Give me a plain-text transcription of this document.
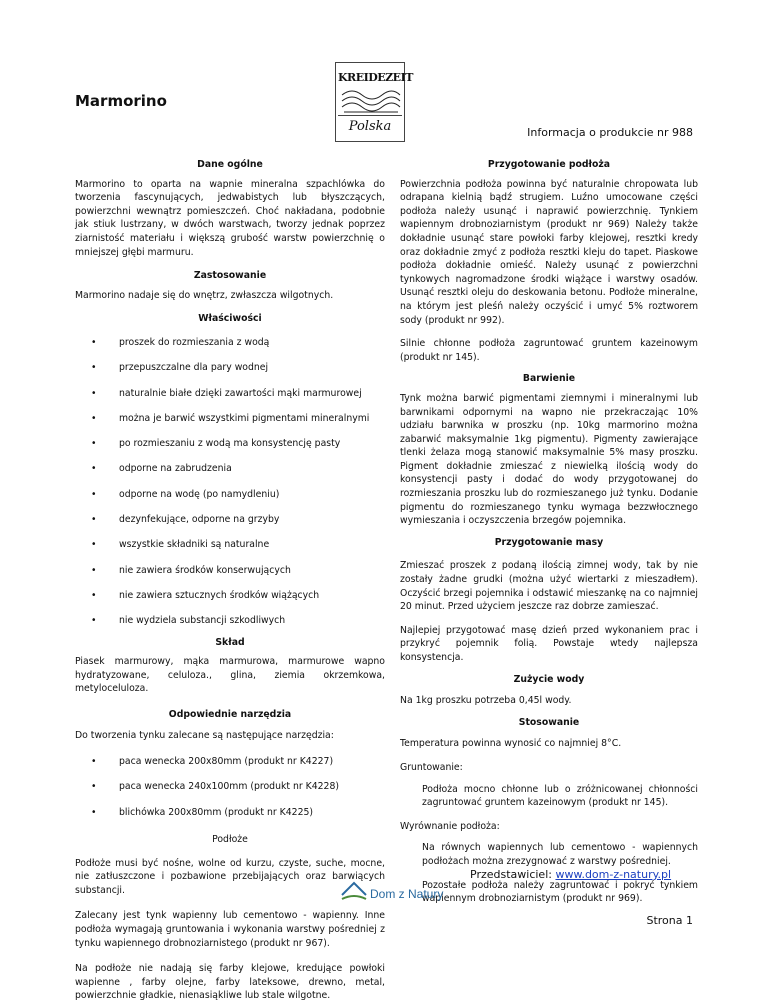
Marmorino
KREIDEZEIT
Polska	Informacja o produkcie nr 988
Dane ogólne

Marmorino to oparta na wapnie mineralna szpachlówka do tworzenia fascynujących, jedwabistych lub błyszczących, powierzchni wewnątrz pomieszczeń. Choć nakładana, podobnie jak stiuk lustrzany, w dwóch warstwach, tworzy jednak poprzez ziarnistość materiału i większą grubość warstw powierzchnię o mniejszej głębi marmuru.

Zastosowanie

Marmorino nadaje się do wnętrz, zwłaszcza wilgotnych.

Właściwości
• proszek do rozmieszania z wodą
• przepuszczalne dla pary wodnej
• naturalnie białe dzięki zawartości mąki marmurowej
• można je barwić wszystkimi pigmentami mineralnymi
• po rozmieszaniu z wodą ma konsystencję pasty
• odporne na zabrudzenia
• odporne na wodę (po namydleniu)
• dezynfekujące, odporne na grzyby
• wszystkie składniki są naturalne
• nie zawiera środków konserwujących
• nie zawiera sztucznych środków wiążących
• nie wydziela substancji szkodliwych
Skład

Piasek marmurowy, mąka marmurowa, marmurowe wapno hydratyzowane, celuloza., glina, ziemia okrzemkowa, metyloceluloza.

Odpowiednie narzędzia

Do tworzenia tynku zalecane są następujące narzędzia:

• paca wenecka 200x80mm (produkt nr K4227)
• paca wenecka 240x100mm (produkt nr K4228)
• blichówka 200x80mm (produkt nr K4225)
Podłoże

Podłoże musi być nośne, wolne od kurzu, czyste, suche, mocne, nie zatłuszczone i pozbawione przebijających oraz barwiących substancji.

Zalecany jest tynk wapienny lub cementowo - wapienny. Inne podłoża wymagają gruntowania i wykonania warstwy pośredniej z tynku wapiennego drobnoziarnistego (produkt nr 967).

Na podłoże nie nadają się farby klejowe, kredujące powłoki wapienne , farby olejne, farby lateksowe, drewno, metal, powierzchnie gładkie, nienasiąkliwe lub stale wilgotne.

Przygotowanie podłoża

Powierzchnia podłoża powinna być naturalnie chropowata lub odrapana kielnią bądź strugiem. Luźno umocowane części podłoża należy usunąć i naprawić powierzchnię. Tynkiem wapiennym drobnoziarnistym (produkt nr 969) Należy także dokładnie usunąć stare powłoki farby klejowej, resztki kredy oraz dokładnie zmyć z podłoża resztki kleju do tapet. Piaskowe podłoża dokładnie omieść. Należy usunąć z powierzchni tynkowych nagromadzone środki wiążące i warstwy osadów. Usunąć resztki oleju do deskowania betonu. Podłoże mineralne, na którym jest pleśń należy oczyścić i umyć 5% roztworem sody (produkt nr 992).

Silnie chłonne podłoża zagruntować gruntem kazeinowym (produkt nr 145).

Barwienie

Tynk można barwić pigmentami ziemnymi i mineralnymi lub barwnikami odpornymi na wapno nie przekraczając 10% udziału barwnika w proszku (np. 10kg marmorino można zabarwić maksymalnie 1kg pigmentu). Pigmenty zawierające tlenki żelaza mogą stanowić maksymalnie 5% masy proszku. Pigment dokładnie zmieszać z niewielką ilością wody do konsystencji pasty i dodać do wody przygotowanej do rozmieszania proszku lub do rozmieszanego już tynku. Dodanie pigmentu do rozmieszanego tynku wymaga bezzwłocznego wymieszania i oczyszczenia brzegów pojemnika.

Przygotowanie masy

Zmieszać proszek z podaną ilością zimnej wody, tak by nie zostały żadne grudki (można użyć wiertarki z mieszadłem). Oczyścić brzegi pojemnika i odstawić mieszankę na co najmniej 20 minut. Przed użyciem jeszcze raz dobrze zamieszać.

Najlepiej przygotować masę dzień przed wykonaniem prac i przykryć pojemnik folią. Powstaje wtedy najlepsza konsystencja.

Zużycie wody

Na 1kg proszku potrzeba 0,45l wody.

Stosowanie

Temperatura powinna wynosić co najmniej 8°C.

Gruntowanie:

Podłoża mocno chłonne lub o zróżnicowanej chłonności zagruntować gruntem kazeinowym (produkt nr 145).

Wyrównanie podłoża:

Na równych wapiennych lub cementowo - wapiennych podłożach można zrezygnować z warstwy pośredniej.

Pozostałe podłoża należy zagruntować i pokryć tynkiem wapiennym drobnoziarnistym (produkt nr 969).

Dom z Natury
Przedstawiciel: www.dom-z-natury.pl
Strona 1
